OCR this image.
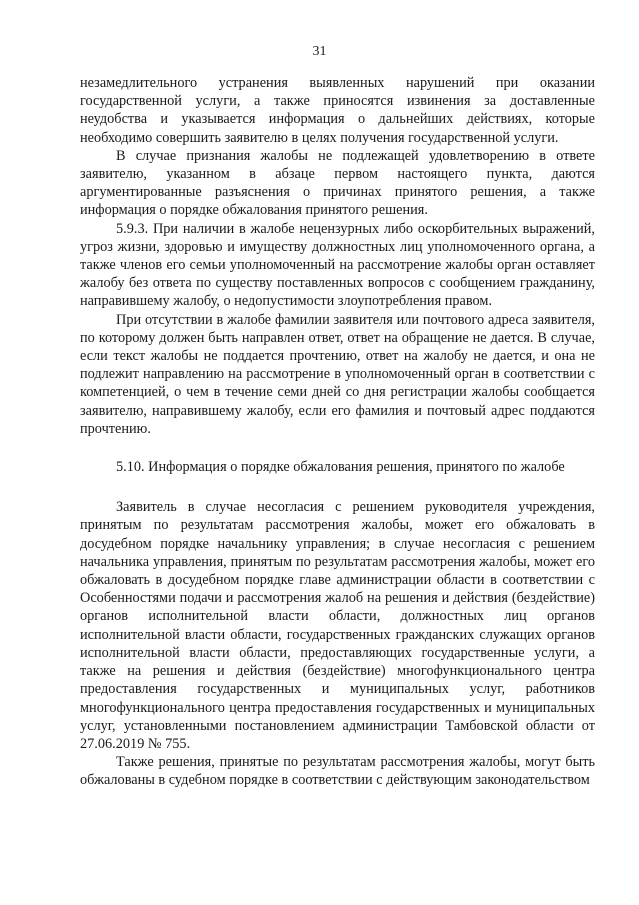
31

незамедлительного устранения выявленных нарушений при оказании государственной услуги, а также приносятся извинения за доставленные неудобства и указывается информация о дальнейших действиях, которые необходимо совершить заявителю в целях получения государственной услуги.

В случае признания жалобы не подлежащей удовлетворению в ответе заявителю, указанном в абзаце первом настоящего пункта, даются аргументированные разъяснения о причинах принятого решения, а также информация о порядке обжалования принятого решения.

5.9.3. При наличии в жалобе нецензурных либо оскорбительных выражений, угроз жизни, здоровью и имуществу должностных лиц уполномоченного органа, а также членов его семьи уполномоченный на рассмотрение жалобы орган оставляет жалобу без ответа по существу поставленных вопросов с сообщением гражданину, направившему жалобу, о недопустимости злоупотребления правом.

При отсутствии в жалобе фамилии заявителя или почтового адреса заявителя, по которому должен быть направлен ответ, ответ на обращение не дается. В случае, если текст жалобы не поддается прочтению, ответ на жалобу не дается, и она не подлежит направлению на рассмотрение в уполномоченный орган в соответствии с компетенцией, о чем в течение семи дней со дня регистрации жалобы сообщается заявителю, направившему жалобу, если его фамилия и почтовый адрес поддаются прочтению.

5.10. Информация о порядке обжалования решения, принятого по жалобе

Заявитель в случае несогласия с решением руководителя учреждения, принятым по результатам рассмотрения жалобы, может его обжаловать в досудебном порядке начальнику управления; в случае несогласия с решением начальника управления, принятым по результатам рассмотрения жалобы, может его обжаловать в досудебном порядке главе администрации области в соответствии с Особенностями подачи и рассмотрения жалоб на решения и действия (бездействие) органов исполнительной власти области, должностных лиц органов исполнительной власти области, государственных гражданских служащих органов исполнительной власти области, предоставляющих государственные услуги, а также на решения и действия (бездействие) многофункционального центра предоставления государственных и муниципальных услуг, работников многофункционального центра предоставления государственных и муниципальных услуг, установленными постановлением администрации Тамбовской области от 27.06.2019 № 755.

Также решения, принятые по результатам рассмотрения жалобы, могут быть обжалованы в судебном порядке в соответствии с действующим законодательством
